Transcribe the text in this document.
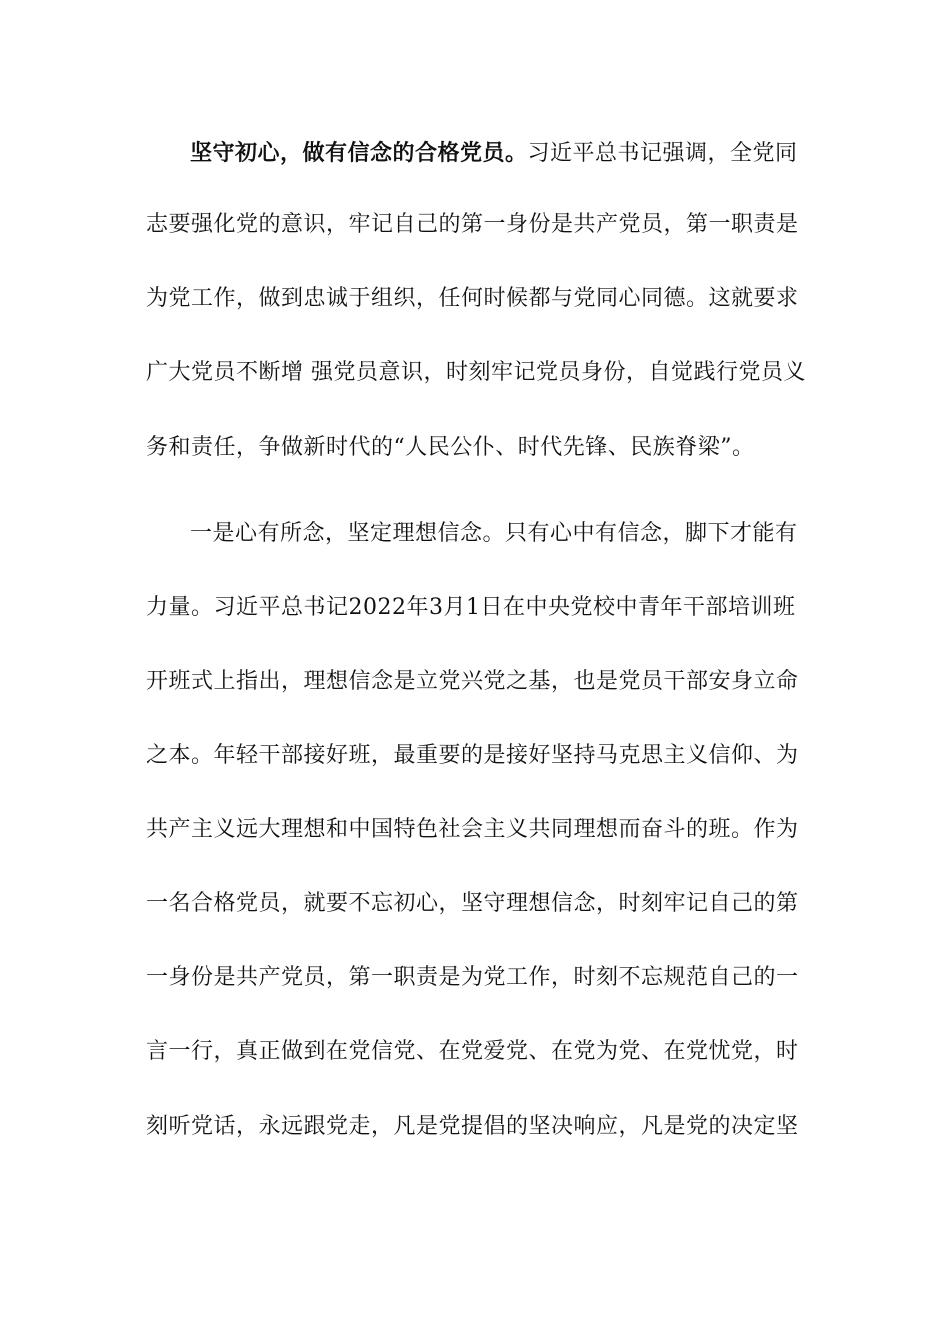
坚守初心，做有信念的合格党员。习近平总书记强调，全党同
志要强化党的意识，牢记自己的第一身份是共产党员，第一职责是
为党工作，做到忠诚于组织，任何时候都与党同心同德。这就要求
广大党员不断增 强党员意识，时刻牢记党员身份，自觉践行党员义
务和责任，争做新时代的“人民公仆、时代先锋、民族脊梁”。
一是心有所念，坚定理想信念。只有心中有信念，脚下才能有
力量。习近平总书记2022年3月1日在中央党校中青年干部培训班
开班式上指出，理想信念是立党兴党之基，也是党员干部安身立命
之本。年轻干部接好班，最重要的是接好坚持马克思主义信仰、为
共产主义远大理想和中国特色社会主义共同理想而奋斗的班。作为
一名合格党员，就要不忘初心，坚守理想信念，时刻牢记自己的第
一身份是共产党员，第一职责是为党工作，时刻不忘规范自己的一
言一行，真正做到在党信党、在党爱党、在党为党、在党忧党，时
刻听党话，永远跟党走，凡是党提倡的坚决响应，凡是党的决定坚
